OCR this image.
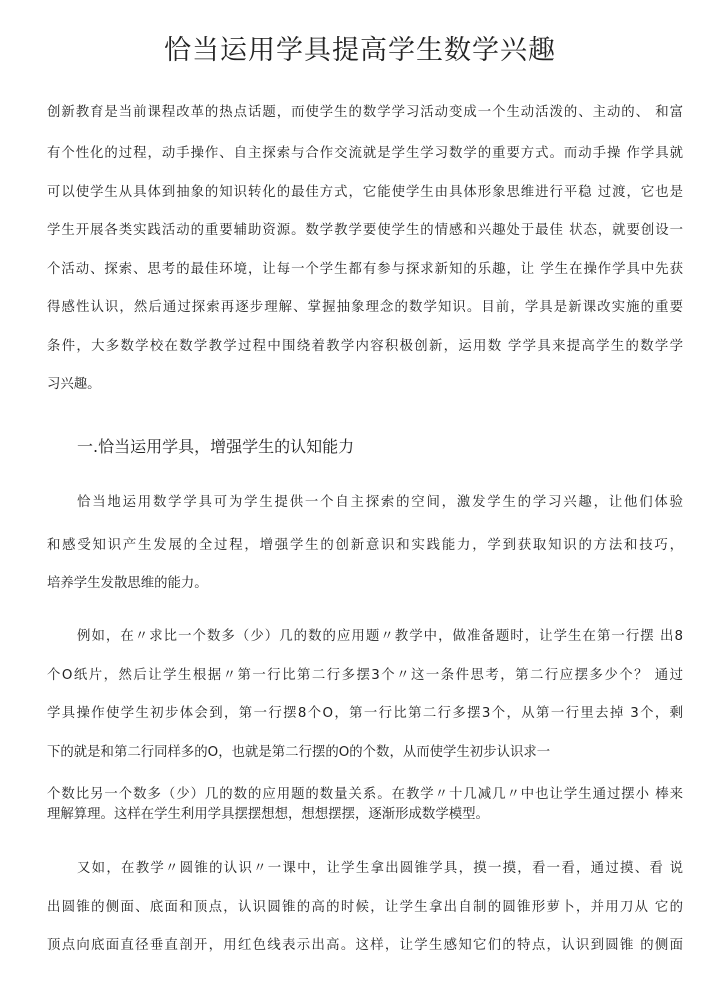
恰当运用学具提高学生数学兴趣
创新教育是当前课程改革的热点话题，而使学生的数学学习活动变成一个生动活泼的、主动的、 和富
有个性化的过程，动手操作、自主探索与合作交流就是学生学习数学的重要方式。而动手操 作学具就
可以使学生从具体到抽象的知识转化的最佳方式，它能使学生由具体形象思维进行平稳 过渡，它也是
学生开展各类实践活动的重要辅助资源。数学教学要使学生的情感和兴趣处于最佳 状态，就要创设一
个活动、探索、思考的最佳环境，让每一个学生都有参与探求新知的乐趣，让 学生在操作学具中先获
得感性认识，然后通过探索再逐步理解、掌握抽象理念的数学知识。目前，学具是新课改实施的重要
条件，大多数学校在数学教学过程中围绕着教学内容积极创新，运用数 学学具来提高学生的数学学
习兴趣。
一.恰当运用学具，增强学生的认知能力
恰当地运用数学学具可为学生提供一个自主探索的空间，激发学生的学习兴趣，让他们体验
和感受知识产生发展的全过程，增强学生的创新意识和实践能力，学到获取知识的方法和技巧，
培养学生发散思维的能力。
例如，在〃求比一个数多（少）几的数的应用题〃教学中，做准备题时，让学生在第一行摆 出8
个O纸片，然后让学生根据〃第一行比第二行多摆3个〃这一条件思考，第二行应摆多少个？ 通过
学具操作使学生初步体会到，第一行摆8个O，第一行比第二行多摆3个，从第一行里去掉 3个，剩
下的就是和第二行同样多的O，也就是第二行摆的O的个数，从而使学生初步认识求一
个数比另一个数多（少）几的数的应用题的数量关系。在教学〃十几减几〃中也让学生通过摆小 棒来
理解算理。这样在学生利用学具摆摆想想，想想摆摆，逐渐形成数学模型。
又如，在教学〃圆锥的认识〃一课中，让学生拿出圆锥学具，摸一摸，看一看，通过摸、看 说
出圆锥的侧面、底面和顶点，认识圆锥的高的时候，让学生拿出自制的圆锥形萝卜，并用刀从 它的
顶点向底面直径垂直剖开，用红色线表示出高。这样，让学生感知它们的特点，认识到圆锥 的侧面
